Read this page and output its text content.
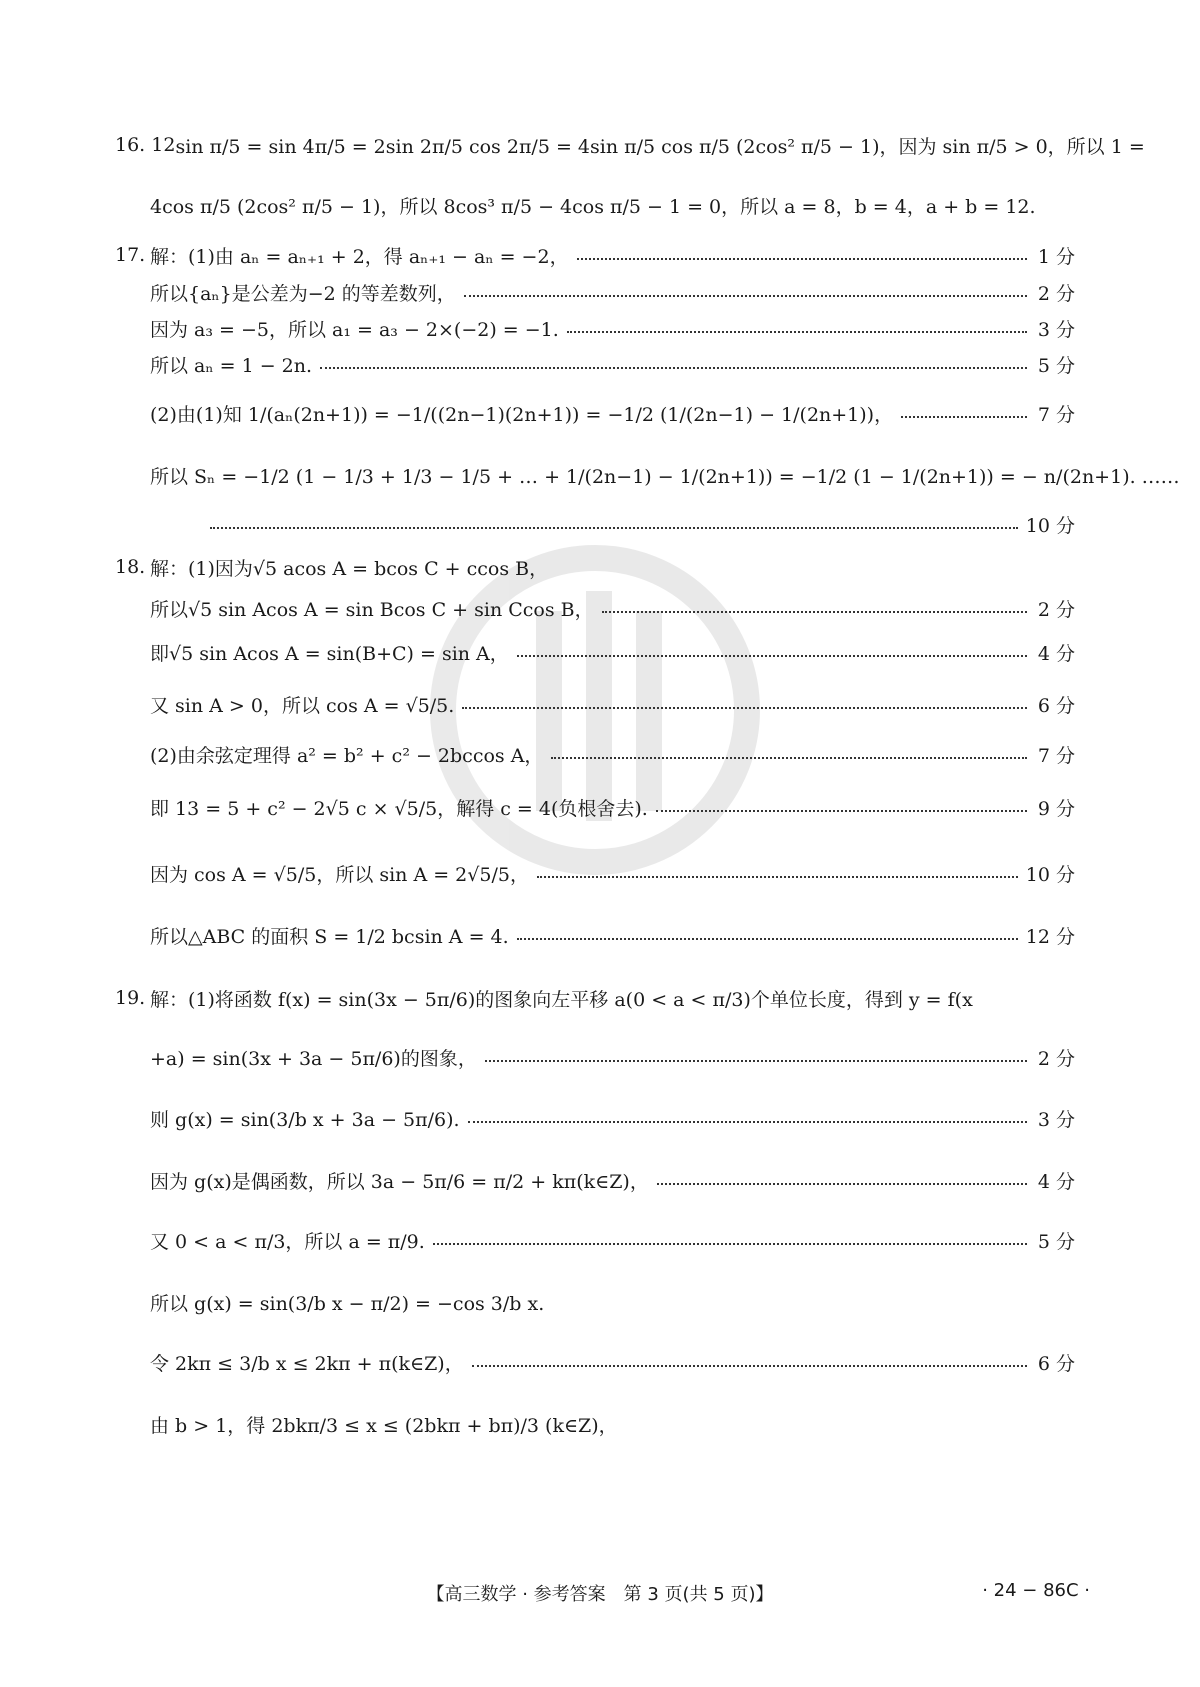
16. 12 sin π/5 = sin 4π/5 = 2sin 2π/5 cos 2π/5 = 4sin π/5 cos π/5 (2cos² π/5 − 1)，因为 sin π/5 > 0，所以 1 =
4cos π/5 (2cos² π/5 − 1)，所以 8cos³ π/5 − 4cos π/5 − 1 = 0，所以 a = 8，b = 4，a + b = 12.
17. 解：(1)由 aₙ = aₙ₊₁ + 2，得 aₙ₊₁ − aₙ = −2，	1 分
所以{aₙ}是公差为−2 的等差数列，	2 分
因为 a₃ = −5，所以 a₁ = a₃ − 2×(−2) = −1.	3 分
所以 aₙ = 1 − 2n.	5 分
(2)由(1)知 1/(aₙ(2n+1)) = −1/((2n−1)(2n+1)) = −1/2 (1/(2n−1) − 1/(2n+1))，	7 分
所以 Sₙ = −1/2 (1 − 1/3 + 1/3 − 1/5 + … + 1/(2n−1) − 1/(2n+1)) = −1/2 (1 − 1/(2n+1)) = − n/(2n+1). ……
10 分
18. 解：(1)因为√5 acos A = bcos C + ccos B，
所以√5 sin Acos A = sin Bcos C + sin Ccos B，	2 分
即√5 sin Acos A = sin(B+C) = sin A，	4 分
又 sin A > 0，所以 cos A = √5/5.	6 分
(2)由余弦定理得 a² = b² + c² − 2bccos A，	7 分
即 13 = 5 + c² − 2√5 c × √5/5，解得 c = 4(负根舍去).	9 分
因为 cos A = √5/5，所以 sin A = 2√5/5，	10 分
所以△ABC 的面积 S = 1/2 bcsin A = 4.	12 分
19. 解：(1)将函数 f(x) = sin(3x − 5π/6)的图象向左平移 a(0 < a < π/3)个单位长度，得到 y = f(x
+a) = sin(3x + 3a − 5π/6)的图象，	2 分
则 g(x) = sin(3/b x + 3a − 5π/6).	3 分
因为 g(x)是偶函数，所以 3a − 5π/6 = π/2 + kπ(k∈Z)，	4 分
又 0 < a < π/3，所以 a = π/9.	5 分
所以 g(x) = sin(3/b x − π/2) = −cos 3/b x.
令 2kπ ≤ 3/b x ≤ 2kπ + π(k∈Z)，	6 分
由 b > 1，得 2bkπ/3 ≤ x ≤ (2bkπ + bπ)/3 (k∈Z)，
【高三数学 · 参考答案　第 3 页(共 5 页)】	· 24 − 86C ·
